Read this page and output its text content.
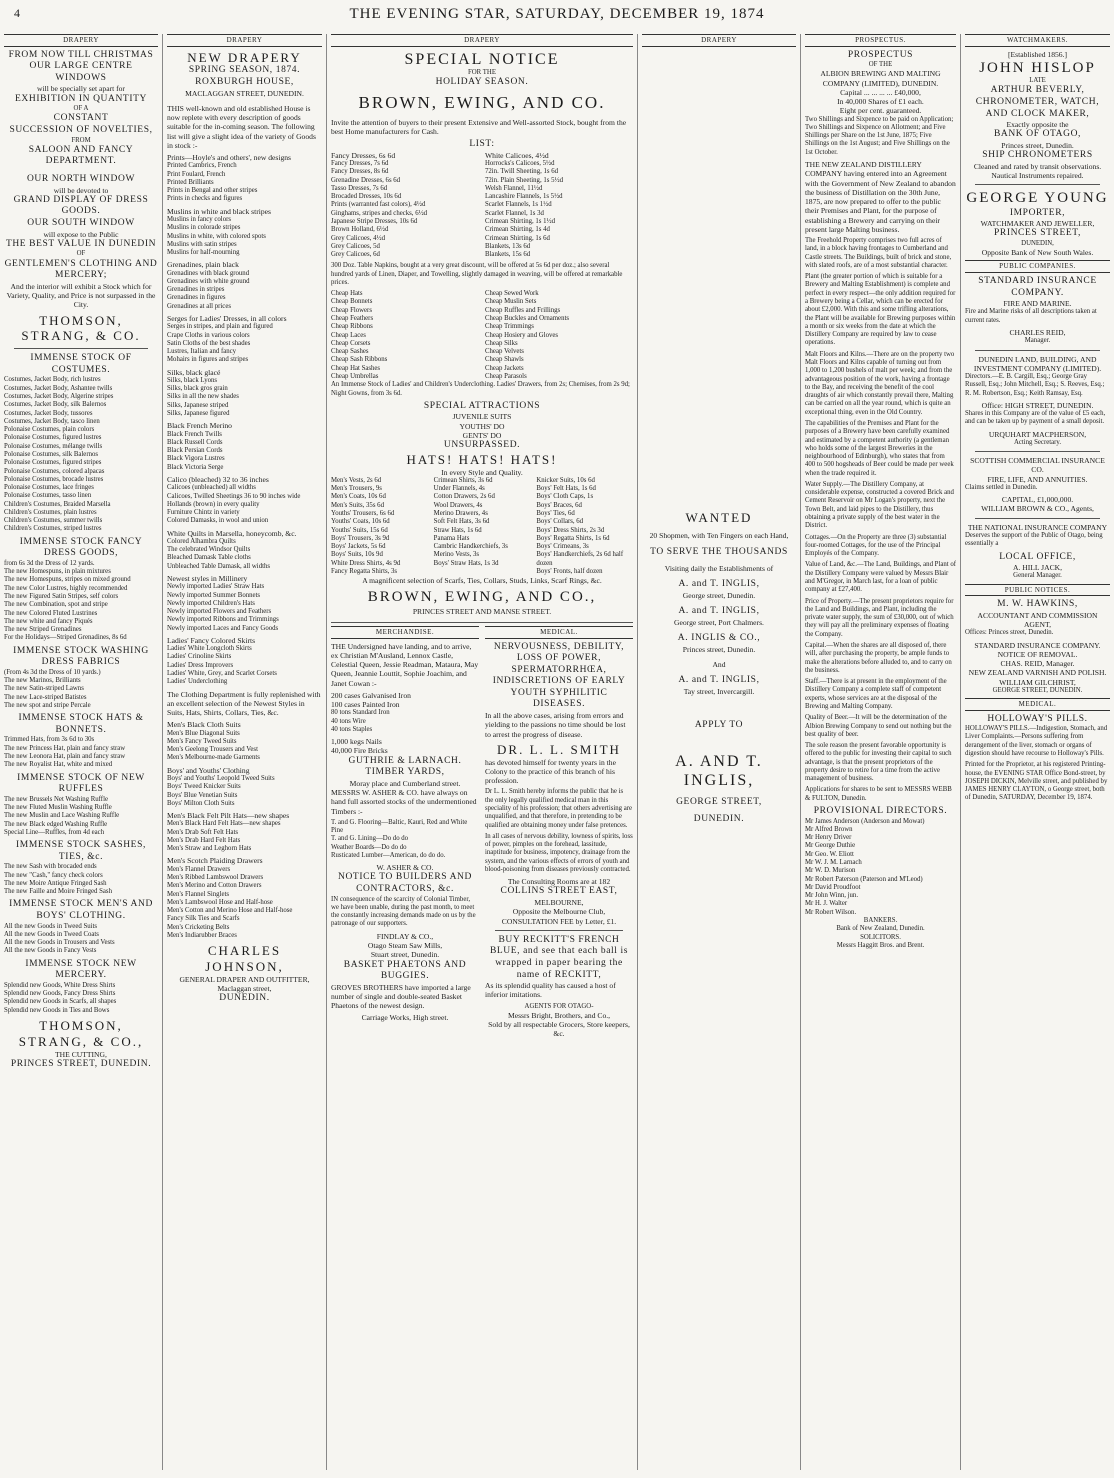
4	THE EVENING STAR, SATURDAY, DECEMBER 19, 1874
DRAPERY
FROM NOW TILL CHRISTMAS
OUR LARGE CENTRE WINDOWS
will be specially set apart for
EXHIBITION IN QUANTITY
OF A
CONSTANT
SUCCESSION OF NOVELTIES,
FROM
SALOON AND FANCY DEPARTMENT.
OUR NORTH WINDOW
will be devoted to
GRAND DISPLAY OF DRESS GOODS.
OUR SOUTH WINDOW
will expose to the Public
THE BEST VALUE IN DUNEDIN
OF
GENTLEMEN'S CLOTHING AND MERCERY;

And the interior will exhibit a Stock which for Variety, Quality, and Price is not surpassed in the City.

THOMSON, STRANG, & CO.
IMMENSE STOCK OF COSTUMES.

Costumes, Jacket Body, rich lustres
Costumes, Jacket Body, Ashantee twills
Costumes, Jacket Body, Algerine stripes
Costumes, Jacket Body, silk Balernos
Costumes, Jacket Body, tussores
Costumes, Jacket Body, tasco linen
Polonaise Costumes, plain colors
Polonaise Costumes, figured lustres
Polonaise Costumes, mélange twills
Polonaise Costumes, silk Balernos
Polonaise Costumes, figured stripes
Polonaise Costumes, colored alpacas
Polonaise Costumes, brocade lustres
Polonaise Costumes, lace fringes
Polonaise Costumes, tasso linen
Children's Costumes, Braided Marsella
Children's Costumes, plain lustres
Children's Costumes, summer twills
Children's Costumes, striped lustres

IMMENSE STOCK FANCY DRESS GOODS,

from 6s 3d the Dress of 12 yards.
The new Homespuns, in plain mixtures
The new Homespuns, stripes on mixed ground
The new Color Lustres, highly recommended
The new Figured Satin Stripes, self colors
The new Combination, spot and stripe
The new Colored Fluted Lustrines
The new white and fancy Piqués
The new Striped Grenadines
For the Holidays—Striped Grenadines, 8s 6d

IMMENSE STOCK WASHING DRESS FABRICS

(From 4s 3d the Dress of 10 yards.)
The new Marinos, Brilliants
The new Satin-striped Lawns
The new Lace-striped Batistes
The new spot and stripe Percale

IMMENSE STOCK HATS & BONNETS.

Trimmed Hats, from 3s 6d to 30s
The new Princess Hat, plain and fancy straw
The new Leonora Hat, plain and fancy straw
The new Royalist Hat, white and mixed

IMMENSE STOCK OF NEW RUFFLES

The new Brussels Net Washing Ruffle
The new Fluted Muslin Washing Ruffle
The new Muslin and Lace Washing Ruffle
The new Black edged Washing Ruffle
Special Line—Ruffles, from 4d each

IMMENSE STOCK SASHES, TIES, &c.

The new Sash with brocaded ends
The new "Cash," fancy check colors
The new Moire Antique Fringed Sash
The new Faille and Moire Fringed Sash

IMMENSE STOCK MEN'S AND BOYS' CLOTHING.

All the new Goods in Tweed Suits
All the new Goods in Tweed Coats
All the new Goods in Trousers and Vests
All the new Goods in Fancy Vests

IMMENSE STOCK NEW MERCERY.

Splendid new Goods, White Dress Shirts
Splendid new Goods, Fancy Dress Shirts
Splendid new Goods in Scarfs, all shapes
Splendid new Goods in Ties and Bows

THOMSON, STRANG, & CO.,
THE CUTTING,
PRINCES STREET, DUNEDIN.
DRAPERY
NEW DRAPERY
SPRING SEASON, 1874.
ROXBURGH HOUSE,
MACLAGGAN STREET, DUNEDIN.

THIS well-known and old established House is now replete with every description of goods suitable for the in-coming season. The following list will give a slight idea of the variety of Goods in stock :-

Prints—Hoyle's and others', new designs

Printed Cambrics, French
Print Foulard, French
Printed Brilliants
Prints in Bengal and other stripes
Prints in checks and figures

Muslins in white and black stripes

Muslins in fancy colors
Muslins in colorade stripes
Muslins in white, with colored spots
Muslins with satin stripes
Muslins for half-mourning

Grenadines, plain black

Grenadines with black ground
Grenadines with white ground
Grenadines in stripes
Grenadines in figures
Grenadines at all prices

Serges for Ladies' Dresses, in all colors

Serges in stripes, and plain and figured
Crape Cloths in various colors
Satin Cloths of the best shades
Lustres, Italian and fancy
Mohairs in figures and stripes

Silks, black glacé

Silks, black Lyons
Silks, black gros grain
Silks in all the new shades
Silks, Japanese striped
Silks, Japanese figured

Black French Merino

Black French Twills
Black Russell Cords
Black Persian Cords
Black Vigora Lustres
Black Victoria Serge

Calico (bleached) 32 to 36 inches

Calicoes (unbleached) all widths
Calicoes, Twilled Sheetings 36 to 90 inches wide
Hollands (brown) in every quality
Furniture Chintz in variety
Colored Damasks, in wool and union

White Quilts in Marsella, honeycomb, &c.

Colored Alhambra Quilts
The celebrated Windsor Quilts
Bleached Damask Table cloths
Unbleached Table Damask, all widths

Newest styles in Millinery

Newly imported Ladies' Straw Hats
Newly imported Summer Bonnets
Newly imported Children's Hats
Newly imported Flowers and Feathers
Newly imported Ribbons and Trimmings
Newly imported Laces and Fancy Goods

Ladies' Fancy Colored Skirts

Ladies' White Longcloth Skirts
Ladies' Crinoline Skirts
Ladies' Dress Improvers
Ladies' White, Grey, and Scarlet Corsets
Ladies' Underclothing

The Clothing Department is fully replenished with an excellent selection of the Newest Styles in Suits, Hats, Shirts, Collars, Ties, &c.

Men's Black Cloth Suits

Men's Blue Diagonal Suits
Men's Fancy Tweed Suits
Men's Geelong Trousers and Vest
Men's Melbourne-made Garments

Boys' and Youths' Clothing

Boys' and Youths' Leopold Tweed Suits
Boys' Tweed Knicker Suits
Boys' Blue Venetian Suits
Boys' Milton Cloth Suits

Men's Black Felt Pilt Hats—new shapes

Men's Black Hard Felt Hats—new shapes
Men's Drab Soft Felt Hats
Men's Drab Hard Felt Hats
Men's Straw and Leghorn Hats

Men's Scotch Plaiding Drawers

Men's Flannel Drawers
Men's Ribbed Lambswool Drawers
Men's Merino and Cotton Drawers
Men's Flannel Singlets
Men's Lambswool Hose and Half-hose
Men's Cotton and Merino Hose and Half-hose
Fancy Silk Ties and Scarfs
Men's Cricketing Belts
Men's Indiarubber Braces

CHARLES JOHNSON,
GENERAL DRAPER AND OUTFITTER,
Maclaggan street,
DUNEDIN.
DRAPERY
SPECIAL NOTICE
FOR THE
HOLIDAY SEASON.
BROWN, EWING, AND CO.

Invite the attention of buyers to their present Extensive and Well-assorted Stock, bought from the best Home manufacturers for Cash.

LIST:
Fancy Dresses, 6s 6d

Fancy Dresses, 7s 6d
Fancy Dresses, 8s 6d
Grenadine Dresses, 6s 6d
Tasso Dresses, 7s 6d
Brocaded Dresses, 10s 6d
Prints (warranted fast colors), 4½d
Ginghams, stripes and checks, 6½d
Japanese Stripe Dresses, 10s 6d
Brown Holland, 6½d
Grey Calicoes, 4½d
Grey Calicoes, 5d
Grey Calicoes, 6d

White Calicoes, 4½d

Horrocks's Calicoes, 5½d
72in. Twill Sheeting, 1s 6d
72in. Plain Sheeting, 1s 5½d
Welsh Flannel, 11½d
Lancashire Flannels, 1s 5½d
Scarlet Flannels, 1s 1½d
Scarlet Flannel, 1s 3d
Crimean Shirting, 1s 1½d
Crimean Shirting, 1s 4d
Crimean Shirting, 1s 6d
Blankets, 13s 6d
Blankets, 15s 6d

300 Doz. Table Napkins, bought at a very great discount, will be offered at 5s 6d per doz.; also several hundred yards of Linen, Diaper, and Towelling, slightly damaged in weaving, will be offered at remarkable prices.

Cheap Hats
Cheap Bonnets
Cheap Flowers
Cheap Feathers
Cheap Ribbons
Cheap Laces
Cheap Corsets
Cheap Sashes
Cheap Sash Ribbons
Cheap Hat Sashes
Cheap Umbrellas
Cheap Sewed Work
Cheap Muslin Sets
Cheap Ruffles and Frillings
Cheap Buckles and Ornaments
Cheap Trimmings
Cheap Hosiery and Gloves
Cheap Silks
Cheap Velvets
Cheap Shawls
Cheap Jackets
Cheap Parasols

An Immense Stock of Ladies' and Children's Underclothing. Ladies' Drawers, from 2s; Chemises, from 2s 9d; Night Gowns, from 3s 6d.

SPECIAL ATTRACTIONS
JUVENILE SUITS
YOUTHS' DO
GENTS' DO
UNSURPASSED.
HATS! HATS! HATS!
In every Style and Quality.
Men's Vests, 2s 6d
Men's Trousers, 9s
Men's Coats, 10s 6d
Men's Suits, 35s 6d
Youths' Trousers, 6s 6d
Youths' Coats, 10s 6d
Youths' Suits, 15s 6d
Boys' Trousers, 3s 9d
Boys' Jackets, 5s 6d
Boys' Suits, 10s 9d
White Dress Shirts, 4s 9d
Fancy Regatta Shirts, 3s
Crimean Shirts, 3s 6d
Under Flannels, 4s
Cotton Drawers, 2s 6d
Wool Drawers, 4s
Merino Drawers, 4s
Soft Felt Hats, 3s 6d
Straw Hats, 1s 6d
Panama Hats
Cambric Handkerchiefs, 3s
Merino Vests, 3s
Boys' Straw Hats, 1s 3d
Knicker Suits, 10s 6d
Boys' Felt Hats, 1s 6d
Boys' Cloth Caps, 1s
Boys' Braces, 6d
Boys' Ties, 6d
Boys' Collars, 6d
Boys' Dress Shirts, 2s 3d
Boys' Regatta Shirts, 1s 6d
Boys' Crimeans, 3s
Boys' Handkerchiefs, 2s 6d half dozen
Boys' Fronts, half dozen

A magnificent selection of Scarfs, Ties, Collars, Studs, Links, Scarf Rings, &c.

BROWN, EWING, AND CO.,
PRINCES STREET AND MANSE STREET.
MERCHANDISE.

THE Undersigned have landing, and to arrive, ex Christian M'Ausland, Lennox Castle, Celestial Queen, Jessie Readman, Mataura, May Queen, Jeannie Louttit, Sophie Joachim, and Janet Cowan :-

200 cases Galvanised Iron
100 cases Painted Iron

80 tons Standard Iron
40 tons Wire
40 tons Staples

1,000 kegs Nails
40,000 Fire Bricks
GUTHRIE & LARNACH.
TIMBER YARDS,
Moray place and Cumberland street.

MESSRS W. ASHER & CO. have always on hand full assorted stocks of the undermentioned Timbers :-

T. and G. Flooring—Baltic, Kauri, Red and White Pine
T. and G. Lining—Do do do
Weather Boards—Do do do
Rusticated Lumber—American, do do do.

W. ASHER & CO.
NOTICE TO BUILDERS AND CONTRACTORS, &c.

IN consequence of the scarcity of Colonial Timber, we have been unable, during the past month, to meet the constantly increasing demands made on us by the patronage of our supporters.

FINDLAY & CO.,
Otago Steam Saw Mills,
Stuart street, Dunedin.
BASKET PHAETONS AND BUGGIES.

GROVES BROTHERS have imported a large number of single and double-seated Basket Phaetons of the newest design.

Carriage Works, High street.
MEDICAL.
NERVOUSNESS, DEBILITY, LOSS OF POWER, SPERMATORRHŒA, INDISCRETIONS OF EARLY YOUTH SYPHILITIC DISEASES.

In all the above cases, arising from errors and yielding to the passions no time should be lost to arrest the progress of disease.

DR. L. L. SMITH

has devoted himself for twenty years in the Colony to the practice of this branch of his profession.

Dr L. L. Smith hereby informs the public that he is the only legally qualified medical man in this speciality of his profession; that others advertising are unqualified, and that therefore, in pretending to be qualified are obtaining money under false pretences.

In all cases of nervous debility, lowness of spirits, loss of power, pimples on the forehead, lassitude, inaptitude for business, impotency, drainage from the system, and the various effects of errors of youth and blood-poisoning from diseases previously contracted.

The Consulting Rooms are at 182
COLLINS STREET EAST,
MELBOURNE,
Opposite the Melbourne Club,
CONSULTATION FEE by Letter, £1.
BUY RECKITT'S FRENCH BLUE, and see that each ball is wrapped in paper bearing the name of RECKITT,

As its splendid quality has caused a host of inferior imitations.

AGENTS FOR OTAGO-
Messrs Bright, Brothers, and Co.,
Sold by all respectable Grocers, Store keepers, &c.
DRAPERY
WANTED
20 Shopmen, with Ten Fingers on each Hand,
TO SERVE THE THOUSANDS
Visiting daily the Establishments of
A. and T. INGLIS,
George street, Dunedin.
A. and T. INGLIS,
George street, Port Chalmers.
A. INGLIS & CO.,
Princes street, Dunedin.
And
A. and T. INGLIS,
Tay street, Invercargill.
APPLY TO
A. AND T. INGLIS,
GEORGE STREET,
DUNEDIN.
PROSPECTUS.
PROSPECTUS
OF THE
ALBION BREWING AND MALTING COMPANY (LIMITED), DUNEDIN.
Capital ... ... ... ... £40,000,
In 40,000 Shares of £1 each.
Eight per cent. guaranteed.

Two Shillings and Sixpence to be paid on Application; Two Shillings and Sixpence on Allotment; and Five Shillings per Share on the 1st June, 1875; Five Shillings on the 1st August; and Five Shillings on the 1st October.

THE NEW ZEALAND DISTILLERY COMPANY having entered into an Agreement with the Government of New Zealand to abandon the business of Distillation on the 30th June, 1875, are now prepared to offer to the public their Premises and Plant, for the purpose of establishing a Brewery and carrying on their present large Malting business.

The Freehold Property comprises two full acres of land, in a block having frontages to Cumberland and Castle streets. The Buildings, built of brick and stone, with slated roofs, are of a most substantial character.

Plant (the greater portion of which is suitable for a Brewery and Malting Establishment) is complete and perfect in every respect—the only addition required for a Brewery being a Cellar, which can be erected for about £2,000. With this and some trifling alterations, the Plant will be available for Brewing purposes within a month or six weeks from the date at which the Distillery Company are required by law to cease operations.

Malt Floors and Kilns.—There are on the property two Malt Floors and Kilns capable of turning out from 1,000 to 1,200 bushels of malt per week; and from the advantageous position of the work, having a frontage to the Bay, and receiving the benefit of the cool draughts of air which constantly prevail there, Malting can be carried on all the year round, which is quite an exceptional thing, even in the Old Country.

The capabilities of the Premises and Plant for the purposes of a Brewery have been carefully examined and estimated by a competent authority (a gentleman who holds some of the largest Breweries in the neighbourhood of Edinburgh), who states that from 400 to 500 hogsheads of Beer could be made per week when the trade required it.

Water Supply.—The Distillery Company, at considerable expense, constructed a covered Brick and Cement Reservoir on Mr Logan's property, next the Town Belt, and laid pipes to the Distillery, thus obtaining a private supply of the best water in the District.

Cottages.—On the Property are three (3) substantial four-roomed Cottages, for the use of the Principal Employés of the Company.

Value of Land, &c.—The Land, Buildings, and Plant of the Distillery Company were valued by Messrs Blair and M'Gregor, in March last, for a loan of public company at £27,400.

Price of Property.—The present proprietors require for the Land and Buildings, and Plant, including the private water supply, the sum of £30,000, out of which they will pay all the preliminary expenses of floating the Company.

Capital.—When the shares are all disposed of, there will, after purchasing the property, be ample funds to make the alterations before alluded to, and to carry on the business.

Staff.—There is at present in the employment of the Distillery Company a complete staff of competent experts, whose services are at the disposal of the Brewing and Malting Company.

Quality of Beer.—It will be the determination of the Albion Brewing Company to send out nothing but the best quality of beer.

The sole reason the present favorable opportunity is offered to the public for investing their capital to such advantage, is that the present proprietors of the property desire to retire for a time from the active management of business.

Applications for shares to be sent to MESSRS WEBB & FULTON, Dunedin.

PROVISIONAL DIRECTORS.
Mr James Anderson (Anderson and Mowat)
Mr Alfred Brown
Mr Henry Driver
Mr George Duthie
Mr Geo. W. Eliott
Mr W. J. M. Larnach
Mr W. D. Murison
Mr Robert Paterson (Paterson and M'Leod)
Mr David Proudfoot
Mr John Winn, jun.
Mr H. J. Walter
Mr Robert Wilson.
BANKERS.
Bank of New Zealand, Dunedin.
SOLICITORS.
Messrs Haggitt Bros. and Brent.
WATCHMAKERS.
[Established 1856.]
JOHN HISLOP
LATE
ARTHUR BEVERLY,
CHRONOMETER, WATCH, AND CLOCK MAKER,
Exactly opposite the
BANK OF OTAGO,
Princes street, Dunedin.
SHIP CHRONOMETERS
Cleaned and rated by transit observations.
Nautical Instruments repaired.
GEORGE YOUNG
IMPORTER,
WATCHMAKER AND JEWELLER,
PRINCES STREET,
DUNEDIN,
Opposite Bank of New South Wales.
PUBLIC COMPANIES.
STANDARD INSURANCE COMPANY.
FIRE AND MARINE.

Fire and Marine risks of all descriptions taken at current rates.

CHARLES REID,
Manager.
DUNEDIN LAND, BUILDING, AND INVESTMENT COMPANY (LIMITED).

Directors.—E. B. Cargill, Esq.; George Gray Russell, Esq.; John Mitchell, Esq.; S. Reeves, Esq.; R. M. Robertson, Esq.; Keith Ramsay, Esq.

Office: HIGH STREET, DUNEDIN.

Shares in this Company are of the value of £5 each, and can be taken up by payment of a small deposit.

URQUHART MACPHERSON,
Acting Secretary.
SCOTTISH COMMERCIAL INSURANCE CO.
FIRE, LIFE, AND ANNUITIES.

Claims settled in Dunedin.

CAPITAL, £1,000,000.
WILLIAM BROWN & CO., Agents,
THE NATIONAL INSURANCE COMPANY

Deserves the support of the Public of Otago, being essentially a

LOCAL OFFICE,
A. HILL JACK,
General Manager.
PUBLIC NOTICES.
M. W. HAWKINS,
ACCOUNTANT AND COMMISSION AGENT,

Offices: Princes street, Dunedin.

STANDARD INSURANCE COMPANY.
NOTICE OF REMOVAL.
CHAS. REID, Manager.
NEW ZEALAND VARNISH AND POLISH.
WILLIAM GILCHRIST,
GEORGE STREET, DUNEDIN.
MEDICAL.
HOLLOWAY'S PILLS.

HOLLOWAY'S PILLS.—Indigestion, Stomach, and Liver Complaints.—Persons suffering from derangement of the liver, stomach or organs of digestion should have recourse to Holloway's Pills.

Printed for the Proprietor, at his registered Printing-house, the EVENING STAR Office Bond-street, by JOSEPH DICKIN, Melville street, and published by JAMES HENRY CLAYTON, o George street, both of Dunedin, SATURDAY, December 19, 1874.
